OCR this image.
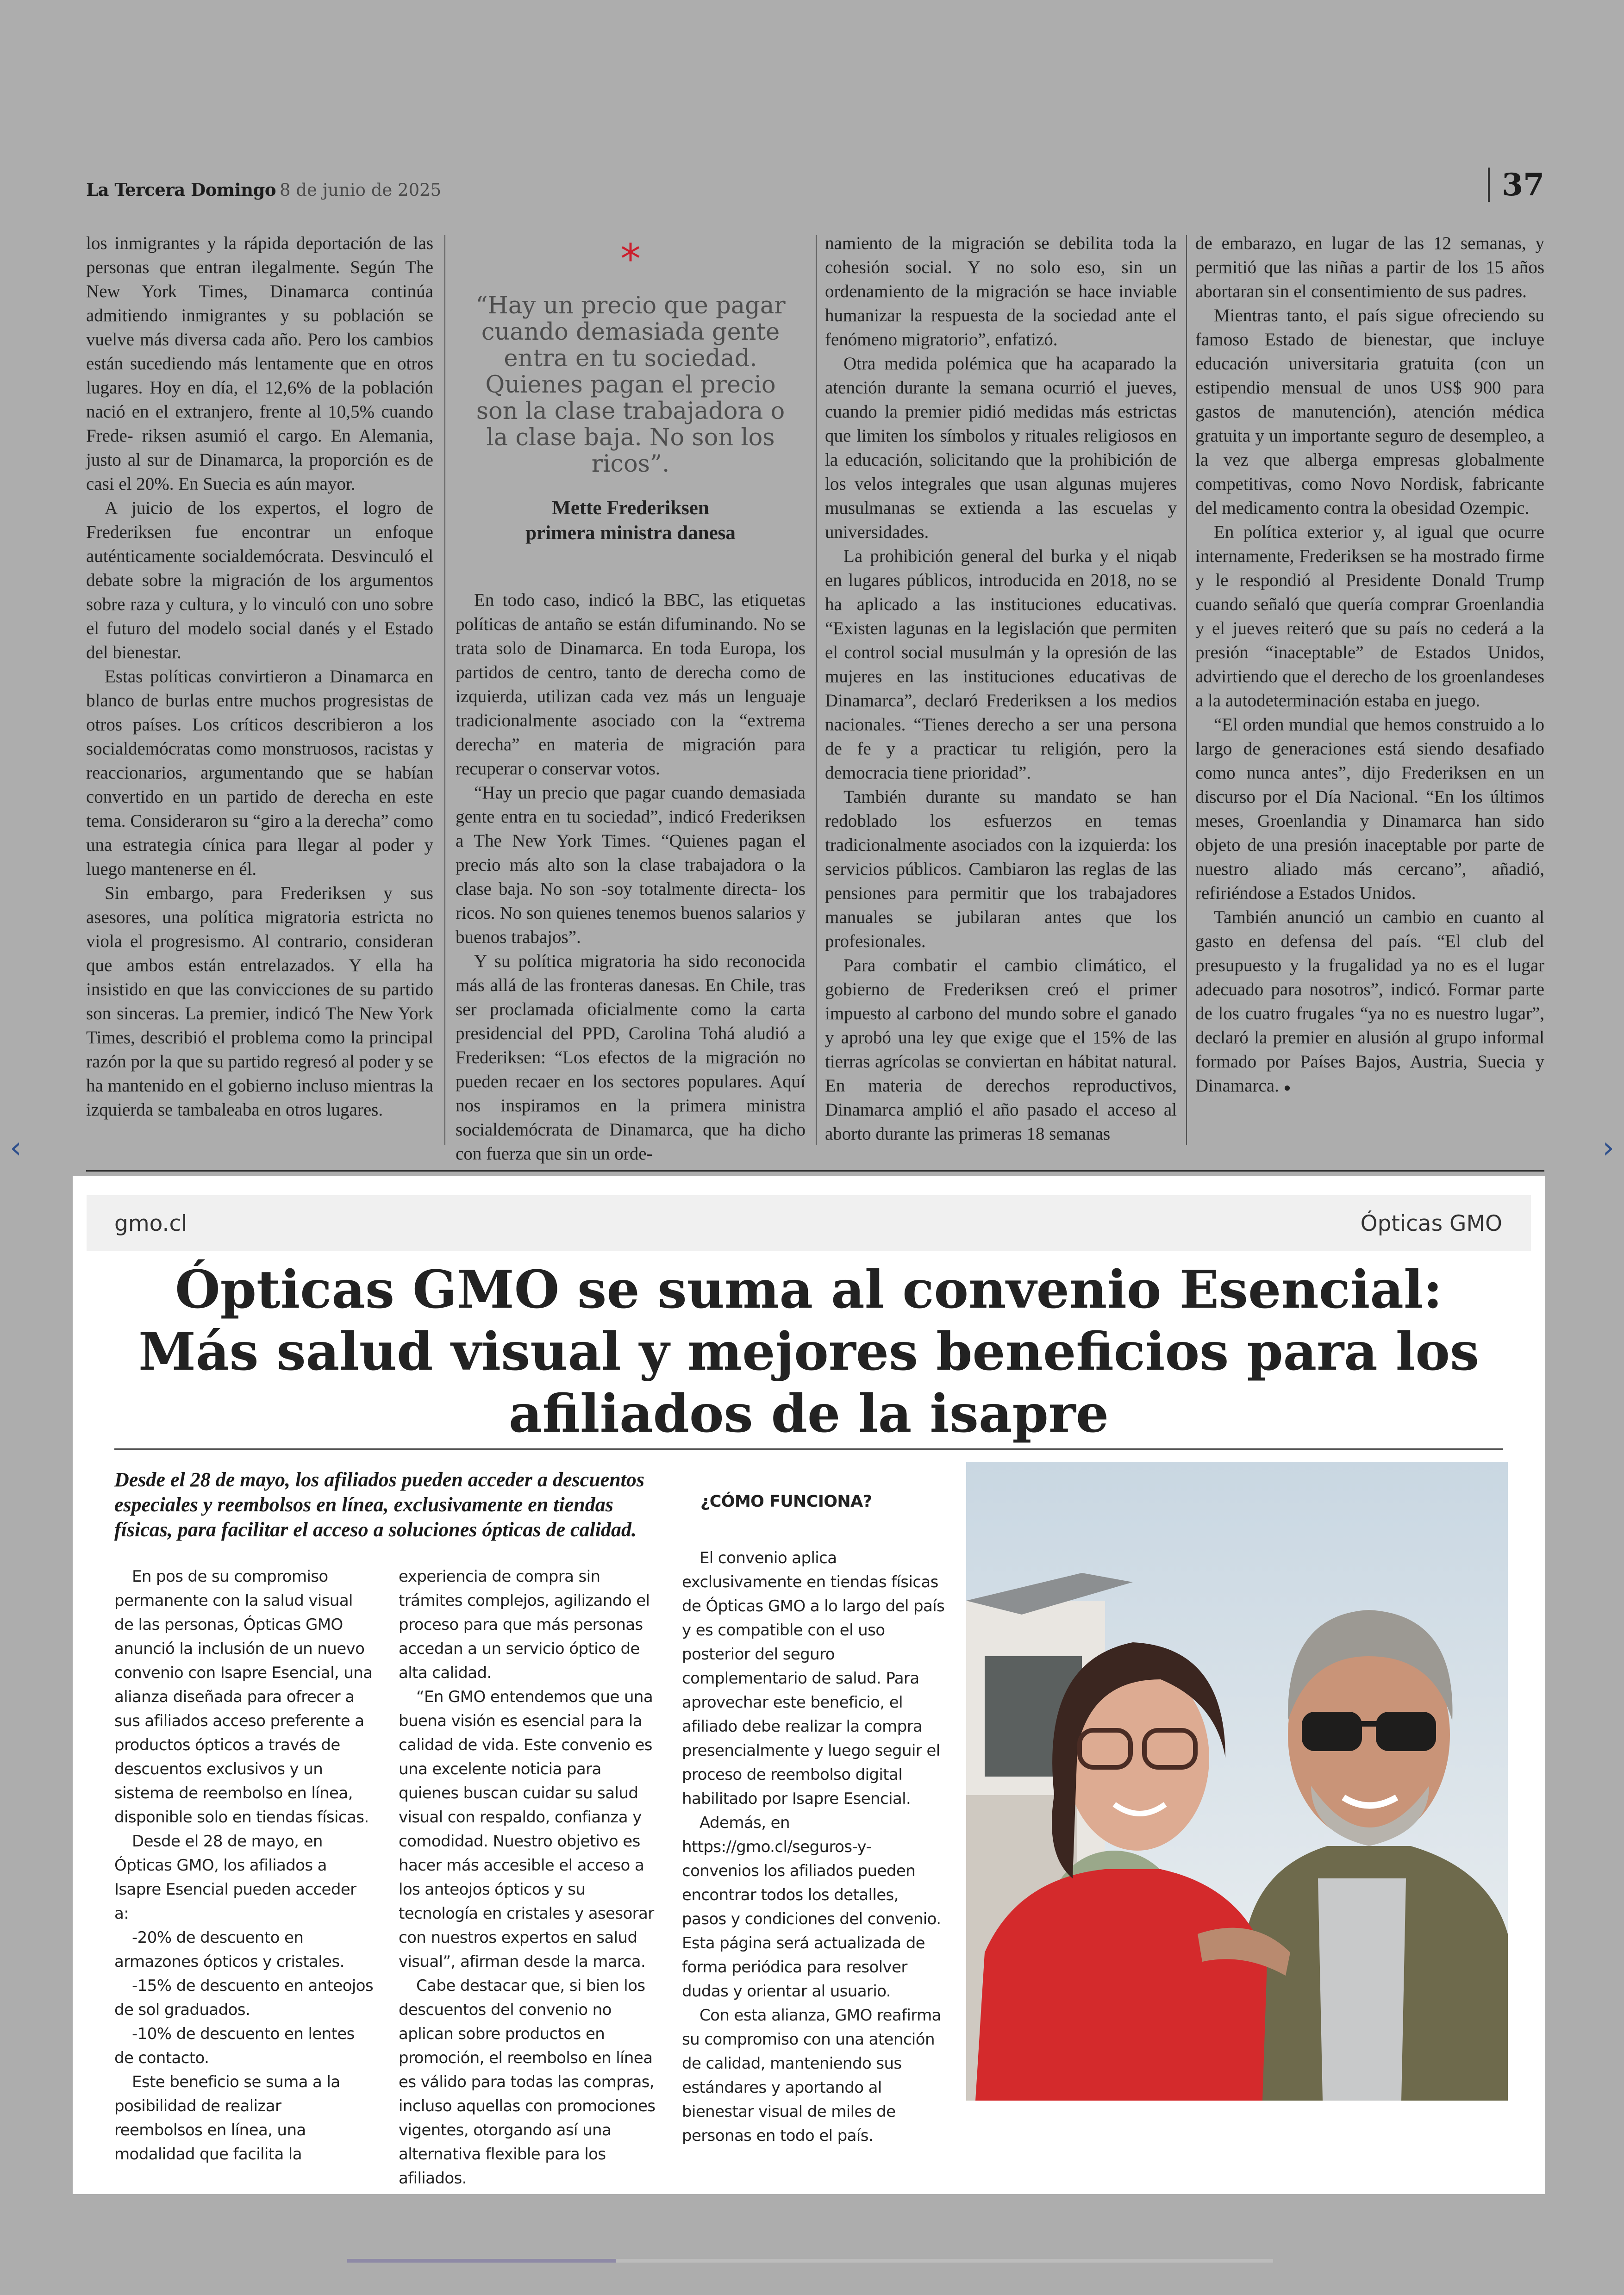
‹	›
La Tercera Domingo 8 de junio de 2025	37

los inmigrantes y la rápida deportación de las personas que entran ilegalmente. Según The New York Times, Dinamarca continúa admitiendo inmigrantes y su población se vuelve más diversa cada año. Pero los cambios están sucediendo más lentamente que en otros lugares. Hoy en día, el 12,6% de la población nació en el extranjero, frente al 10,5% cuando Frede- riksen asumió el cargo. En Alemania, justo al sur de Dinamarca, la proporción es de casi el 20%. En Suecia es aún mayor.

A juicio de los expertos, el logro de Frederiksen fue encontrar un enfoque auténticamente socialdemócrata. Desvinculó el debate sobre la migración de los argumentos sobre raza y cultura, y lo vinculó con uno sobre el futuro del modelo social danés y el Estado del bienestar.

Estas políticas convirtieron a Dinamarca en blanco de burlas entre muchos progresistas de otros países. Los críticos describieron a los socialdemócratas como monstruosos, racistas y reaccionarios, argumentando que se habían convertido en un partido de derecha en este tema. Consideraron su “giro a la derecha” como una estrategia cínica para llegar al poder y luego mantenerse en él.

Sin embargo, para Frederiksen y sus asesores, una política migratoria estricta no viola el progresismo. Al contrario, consideran que ambos están entrelazados. Y ella ha insistido en que las convicciones de su partido son sinceras. La premier, indicó The New York Times, describió el problema como la principal razón por la que su partido regresó al poder y se ha mantenido en el gobierno incluso mientras la izquierda se tambaleaba en otros lugares.

*
“Hay un precio que pagar cuando demasiada gente entra en tu sociedad. Quienes pagan el precio son la clase trabajadora o la clase baja. No son los ricos”.
Mette Frederiksen
primera ministra danesa

En todo caso, indicó la BBC, las etiquetas políticas de antaño se están difuminando. No se trata solo de Dinamarca. En toda Europa, los partidos de centro, tanto de derecha como de izquierda, utilizan cada vez más un lenguaje tradicionalmente asociado con la “extrema derecha” en materia de migración para recuperar o conservar votos.

“Hay un precio que pagar cuando demasiada gente entra en tu sociedad”, indicó Frederiksen a The New York Times. “Quienes pagan el precio más alto son la clase trabajadora o la clase baja. No son -soy totalmente directa- los ricos. No son quienes tenemos buenos salarios y buenos trabajos”.

Y su política migratoria ha sido reconocida más allá de las fronteras danesas. En Chile, tras ser proclamada oficialmente como la carta presidencial del PPD, Carolina Tohá aludió a Frederiksen: “Los efectos de la migración no pueden recaer en los sectores populares. Aquí nos inspiramos en la primera ministra socialdemócrata de Dinamarca, que ha dicho con fuerza que sin un orde-

namiento de la migración se debilita toda la cohesión social. Y no solo eso, sin un ordenamiento de la migración se hace inviable humanizar la respuesta de la sociedad ante el fenómeno migratorio”, enfatizó.

Otra medida polémica que ha acaparado la atención durante la semana ocurrió el jueves, cuando la premier pidió medidas más estrictas que limiten los símbolos y rituales religiosos en la educación, solicitando que la prohibición de los velos integrales que usan algunas mujeres musulmanas se extienda a las escuelas y universidades.

La prohibición general del burka y el niqab en lugares públicos, introducida en 2018, no se ha aplicado a las instituciones educativas. “Existen lagunas en la legislación que permiten el control social musulmán y la opresión de las mujeres en las instituciones educativas de Dinamarca”, declaró Frederiksen a los medios nacionales. “Tienes derecho a ser una persona de fe y a practicar tu religión, pero la democracia tiene prioridad”.

También durante su mandato se han redoblado los esfuerzos en temas tradicionalmente asociados con la izquierda: los servicios públicos. Cambiaron las reglas de las pensiones para permitir que los trabajadores manuales se jubilaran antes que los profesionales.

Para combatir el cambio climático, el gobierno de Frederiksen creó el primer impuesto al carbono del mundo sobre el ganado y aprobó una ley que exige que el 15% de las tierras agrícolas se conviertan en hábitat natural. En materia de derechos reproductivos, Dinamarca amplió el año pasado el acceso al aborto durante las primeras 18 semanas

de embarazo, en lugar de las 12 semanas, y permitió que las niñas a partir de los 15 años abortaran sin el consentimiento de sus padres.

Mientras tanto, el país sigue ofreciendo su famoso Estado de bienestar, que incluye educación universitaria gratuita (con un estipendio mensual de unos US$ 900 para gastos de manutención), atención médica gratuita y un importante seguro de desempleo, a la vez que alberga empresas globalmente competitivas, como Novo Nordisk, fabricante del medicamento contra la obesidad Ozempic.

En política exterior y, al igual que ocurre internamente, Frederiksen se ha mostrado firme y le respondió al Presidente Donald Trump cuando señaló que quería comprar Groenlandia y el jueves reiteró que su país no cederá a la presión “inaceptable” de Estados Unidos, advirtiendo que el derecho de los groenlandeses a la autodeterminación estaba en juego.

“El orden mundial que hemos construido a lo largo de generaciones está siendo desafiado como nunca antes”, dijo Frederiksen en un discurso por el Día Nacional. “En los últimos meses, Groenlandia y Dinamarca han sido objeto de una presión inaceptable por parte de nuestro aliado más cercano”, añadió, refiriéndose a Estados Unidos.

También anunció un cambio en cuanto al gasto en defensa del país. “El club del presupuesto y la frugalidad ya no es el lugar adecuado para nosotros”, indicó. Formar parte de los cuatro frugales “ya no es nuestro lugar”, declaró la premier en alusión al grupo informal formado por Países Bajos, Austria, Suecia y Dinamarca. ●

gmo.cl	Ópticas GMO
Ópticas GMO se suma al convenio Esencial: Más salud visual y mejores beneficios para los afiliados de la isapre
Desde el 28 de mayo, los afiliados pueden acceder a descuentos especiales y reembolsos en línea, exclusivamente en tiendas físicas, para facilitar el acceso a soluciones ópticas de calidad.

En pos de su compromiso permanente con la salud visual de las personas, Ópticas GMO anunció la inclusión de un nuevo convenio con Isapre Esencial, una alianza diseñada para ofrecer a sus afiliados acceso preferente a productos ópticos a través de descuentos exclusivos y un sistema de reembolso en línea, disponible solo en tiendas físicas.

Desde el 28 de mayo, en Ópticas GMO, los afiliados a Isapre Esencial pueden acceder a:

-20% de descuento en armazones ópticos y cristales.

-15% de descuento en anteojos de sol graduados.

-10% de descuento en lentes de contacto.

Este beneficio se suma a la posibilidad de realizar reembolsos en línea, una modalidad que facilita la

experiencia de compra sin trámites complejos, agilizando el proceso para que más personas accedan a un servicio óptico de alta calidad.

“En GMO entendemos que una buena visión es esencial para la calidad de vida. Este convenio es una excelente noticia para quienes buscan cuidar su salud visual con respaldo, confianza y comodidad. Nuestro objetivo es hacer más accesible el acceso a los anteojos ópticos y su tecnología en cristales y asesorar con nuestros expertos en salud visual”, afirman desde la marca.

Cabe destacar que, si bien los descuentos del convenio no aplican sobre productos en promoción, el reembolso en línea es válido para todas las compras, incluso aquellas con promociones vigentes, otorgando así una alternativa flexible para los afiliados.

¿CÓMO FUNCIONA?

El convenio aplica exclusivamente en tiendas físicas de Ópticas GMO a lo largo del país y es compatible con el uso posterior del seguro complementario de salud. Para aprovechar este beneficio, el afiliado debe realizar la compra presencialmente y luego seguir el proceso de reembolso digital habilitado por Isapre Esencial.

Además, en https://gmo.cl/seguros-y-convenios los afiliados pueden encontrar todos los detalles, pasos y condiciones del convenio. Esta página será actualizada de forma periódica para resolver dudas y orientar al usuario.

Con esta alianza, GMO reafirma su compromiso con una atención de calidad, manteniendo sus estándares y aportando al bienestar visual de miles de personas en todo el país.
